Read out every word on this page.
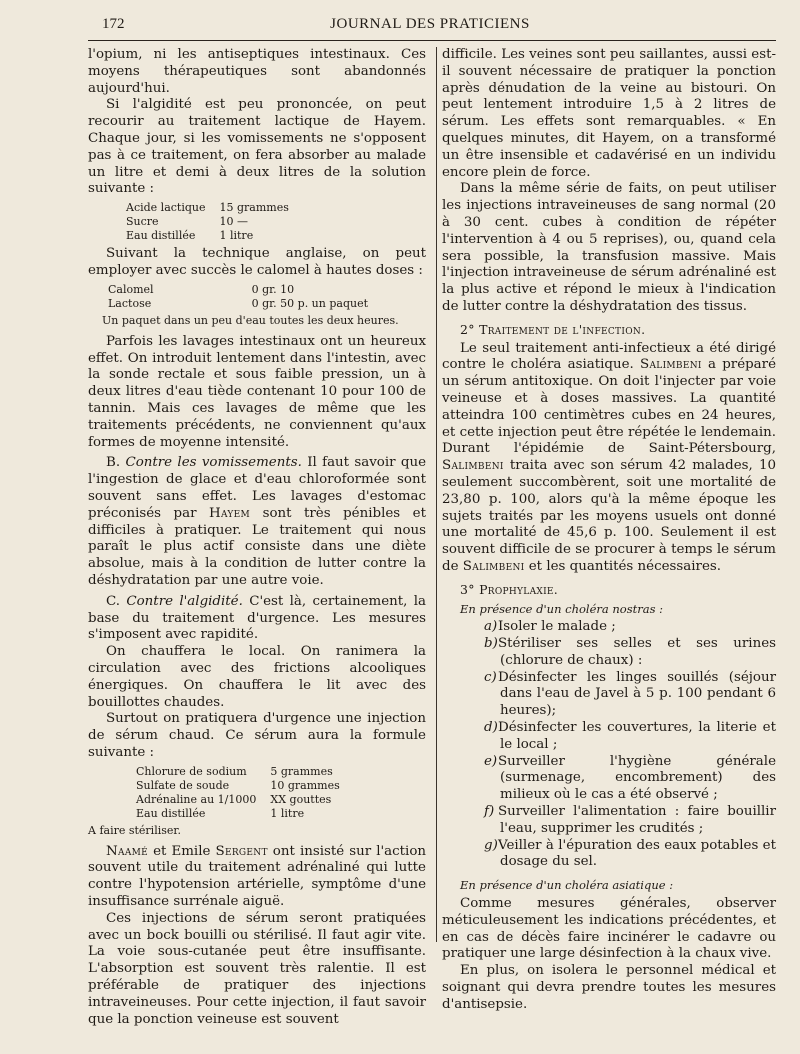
172	JOURNAL DES PRATICIENS

l'opium, ni les antiseptiques intestinaux. Ces moyens thérapeutiques sont abandonnés aujourd'hui.

Si l'algidité est peu prononcée, on peut recourir au traitement lactique de Hayem. Chaque jour, si les vomissements ne s'opposent pas à ce traitement, on fera absorber au malade un litre et demi à deux litres de la solution suivante :

Acide lactique	15 grammes
Sucre	10 —
Eau distillée	1 litre

Suivant la technique anglaise, on peut employer avec succès le calomel à hautes doses :

Calomel	0 gr. 10
Lactose	0 gr. 50 p. un paquet
Un paquet dans un peu d'eau toutes les deux heures.

Parfois les lavages intestinaux ont un heureux effet. On introduit lentement dans l'intestin, avec la sonde rectale et sous faible pression, un à deux litres d'eau tiède contenant 10 pour 100 de tannin. Mais ces lavages de même que les traitements précédents, ne conviennent qu'aux formes de moyenne intensité.

B. Contre les vomissements. Il faut savoir que l'ingestion de glace et d'eau chloroformée sont souvent sans effet. Les lavages d'estomac préconisés par Hayem sont très pénibles et difficiles à pratiquer. Le traitement qui nous paraît le plus actif consiste dans une diète absolue, mais à la condition de lutter contre la déshydratation par une autre voie.

C. Contre l'algidité. C'est là, certainement, la base du traitement d'urgence. Les mesures s'imposent avec rapidité.

On chauffera le local. On ranimera la circulation avec des frictions alcooliques énergiques. On chauffera le lit avec des bouillottes chaudes.

Surtout on pratiquera d'urgence une injection de sérum chaud. Ce sérum aura la formule suivante :

Chlorure de sodium	5 grammes
Sulfate de soude	10 grammes
Adrénaline au 1/1000	XX gouttes
Eau distillée	1 litre
A faire stériliser.

Naamé et Emile Sergent ont insisté sur l'action souvent utile du traitement adrénaliné qui lutte contre l'hypotension artérielle, symptôme d'une insuffisance surrénale aiguë.

Ces injections de sérum seront pratiquées avec un bock bouilli ou stérilisé. Il faut agir vite. La voie sous-cutanée peut être insuffisante. L'absorption est souvent très ralentie. Il est préférable de pratiquer des injections intraveineuses. Pour cette injection, il faut savoir que la ponction veineuse est souvent

difficile. Les veines sont peu saillantes, aussi est-il souvent nécessaire de pratiquer la ponction après dénudation de la veine au bistouri. On peut lentement introduire 1,5 à 2 litres de sérum. Les effets sont remarquables. « En quelques minutes, dit Hayem, on a transformé un être insensible et cadavérisé en un individu encore plein de force.

Dans la même série de faits, on peut utiliser les injections intraveineuses de sang normal (20 à 30 cent. cubes à condition de répéter l'intervention à 4 ou 5 reprises), ou, quand cela sera possible, la transfusion massive. Mais l'injection intraveineuse de sérum adrénaliné est la plus active et répond le mieux à l'indication de lutter contre la déshydratation des tissus.

2° Traitement de l'infection.

Le seul traitement anti-infectieux a été dirigé contre le choléra asiatique. Salimbeni a préparé un sérum antitoxique. On doit l'injecter par voie veineuse et à doses massives. La quantité atteindra 100 centimètres cubes en 24 heures, et cette injection peut être répétée le lendemain. Durant l'épidémie de Saint-Pétersbourg, Salimbeni traita avec son sérum 42 malades, 10 seulement succombèrent, soit une mortalité de 23,80 p. 100, alors qu'à la même époque les sujets traités par les moyens usuels ont donné une mortalité de 45,6 p. 100. Seulement il est souvent difficile de se procurer à temps le sérum de Salimbeni et les quantités nécessaires.

3° Prophylaxie.
En présence d'un choléra nostras :

a)Isoler le malade ;

b)Stériliser ses selles et ses urines (chlorure de chaux) :

c)Désinfecter les linges souillés (séjour dans l'eau de Javel à 5 p. 100 pendant 6 heures);

d)Désinfecter les couvertures, la literie et le local ;

e)Surveiller l'hygiène générale (surmenage, encombrement) des milieux où le cas a été observé ;

f) Surveiller l'alimentation : faire bouillir l'eau, supprimer les crudités ;

g)Veiller à l'épuration des eaux potables et dosage du sel.

En présence d'un choléra asiatique :

Comme mesures générales, observer méticuleusement les indications précédentes, et en cas de décès faire incinérer le cadavre ou pratiquer une large désinfection à la chaux vive.

En plus, on isolera le personnel médical et soignant qui devra prendre toutes les mesures d'antisepsie.
